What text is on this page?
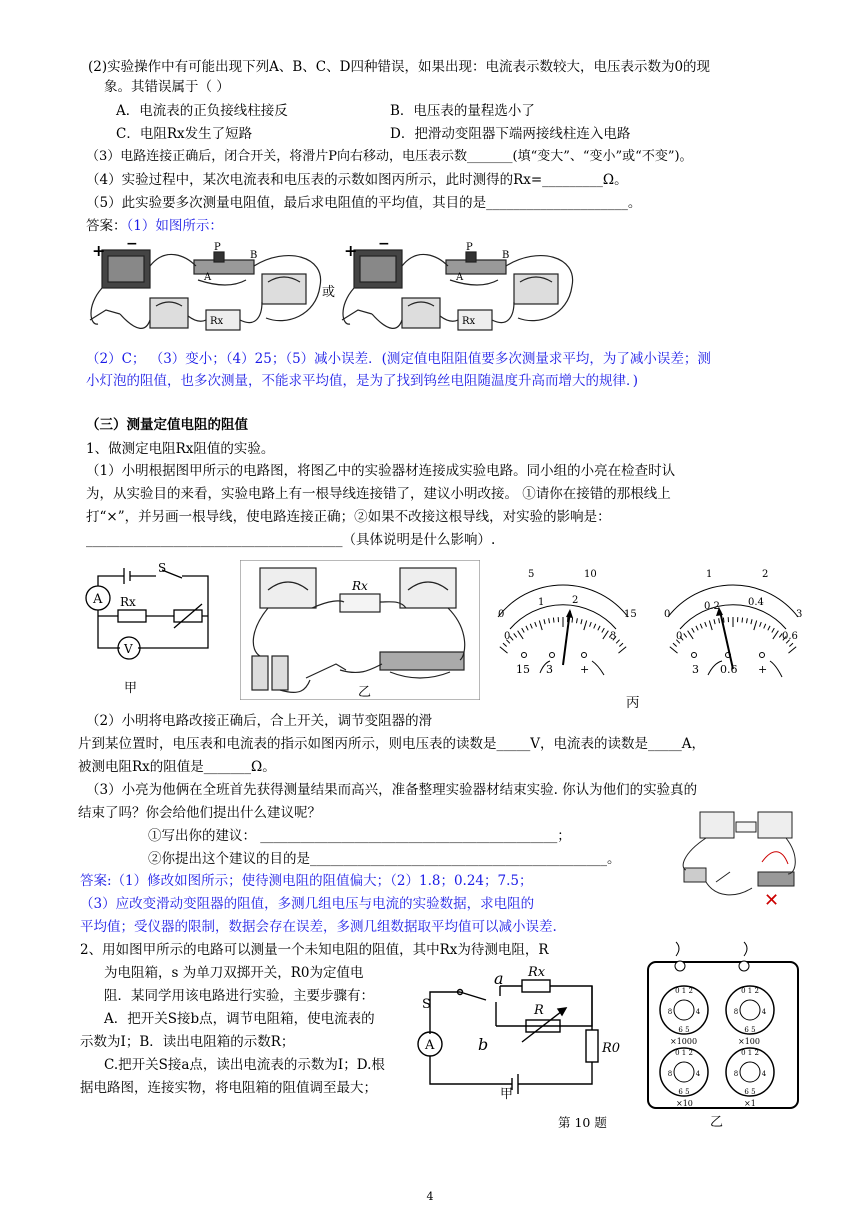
(2)实验操作中有可能出现下列A、B、C、D四种错误，如果出现：电流表示数较大，电压表示数为0的现
象。其错误属于（ ）
A．电流表的正负接线柱接反	B．电压表的量程选小了
C．电阻Rx发生了短路	D．把滑动变阻器下端两接线柱连入电路
（3）电路连接正确后，闭合开关，将滑片P向右移动，电压表示数_______(填“变大”、“变小”或“不变”)。
（4）实验过程中，某次电流表和电压表的示数如图丙所示，此时测得的Rx=_________Ω。
（5）此实验要多次测量电阻值，最后求电阻值的平均值，其目的是_____________________。
答案：（1）如图所示：
+ −	P
B
A
Rx
或
（2）C； （3）变小；（4）25；（5）减小误差．(测定值电阻阻值要多次测量求平均，为了减小误差；测
小灯泡的阻值，也多次测量，不能求平均值，是为了找到钨丝电阻随温度升高而增大的规律．)
（三）测量定值电阻的阻值
1、做测定电阻Rx阻值的实验。
（1）小明根据图甲所示的电路图，将图乙中的实验器材连接成实验电路。同小组的小亮在检查时认
为，从实验目的来看，实验电路上有一根导线连接错了，建议小明改接。 ①请你在接错的那根线上
打“×”，并另画一根导线，使电路连接正确；②如果不改接这根导线，对实验的影响是：
______________________________________（具体说明是什么影响）.
A
V
S
Rx
甲
Rx
乙
0
5	10
15
0
1	2
3
15 3 +
0
1	2
3
0
0.2	0.4
0.6
3 0.6 +
丙
（2）小明将电路改接正确后，合上开关，调节变阻器的滑
片到某位置时，电压表和电流表的指示如图丙所示，则电压表的读数是_____V，电流表的读数是_____A，
被测电阻Rx的阻值是_______Ω。
（3）小亮为他俩在全班首先获得测量结果而高兴，准备整理实验器材结束实验. 你认为他们的实验真的
结束了吗？你会给他们提出什么建议呢？
①写出你的建议： ____________________________________________；
②你提出这个建议的目的是____________________________________________。
✕
答案:（1）修改如图所示；使待测电阻的阻值偏大；（2）1.8；0.24；7.5；
（3）应改变滑动变阻器的阻值，多测几组电压与电流的实验数据，求电阻的
平均值；受仪器的限制，数据会存在误差，多测几组数据取平均值可以减小误差.
2、用如图甲所示的电路可以测量一个未知电阻的阻值，其中Rx为待测电阻，R
为电阻箱，s 为单刀双掷开关，R0为定值电
阻．某同学用该电路进行实验，主要步骤有：
A．把开关S接b点，调节电阻箱，使电流表的
示数为I；B．读出电阻箱的示数R；
C.把开关S接a点，读出电流表的示数为I；D.根
据电路图，连接实物，将电阻箱的阻值调至最大；
S
a
b
Rx
R
R0
A
甲
0 1 2	0 1 2
0 1 2	0 1 2
8	4	8	4
8	4	8	4
6 5	6 5
6 5	6 5
×1000	×100
×10	×1
乙
第 10 题
4
